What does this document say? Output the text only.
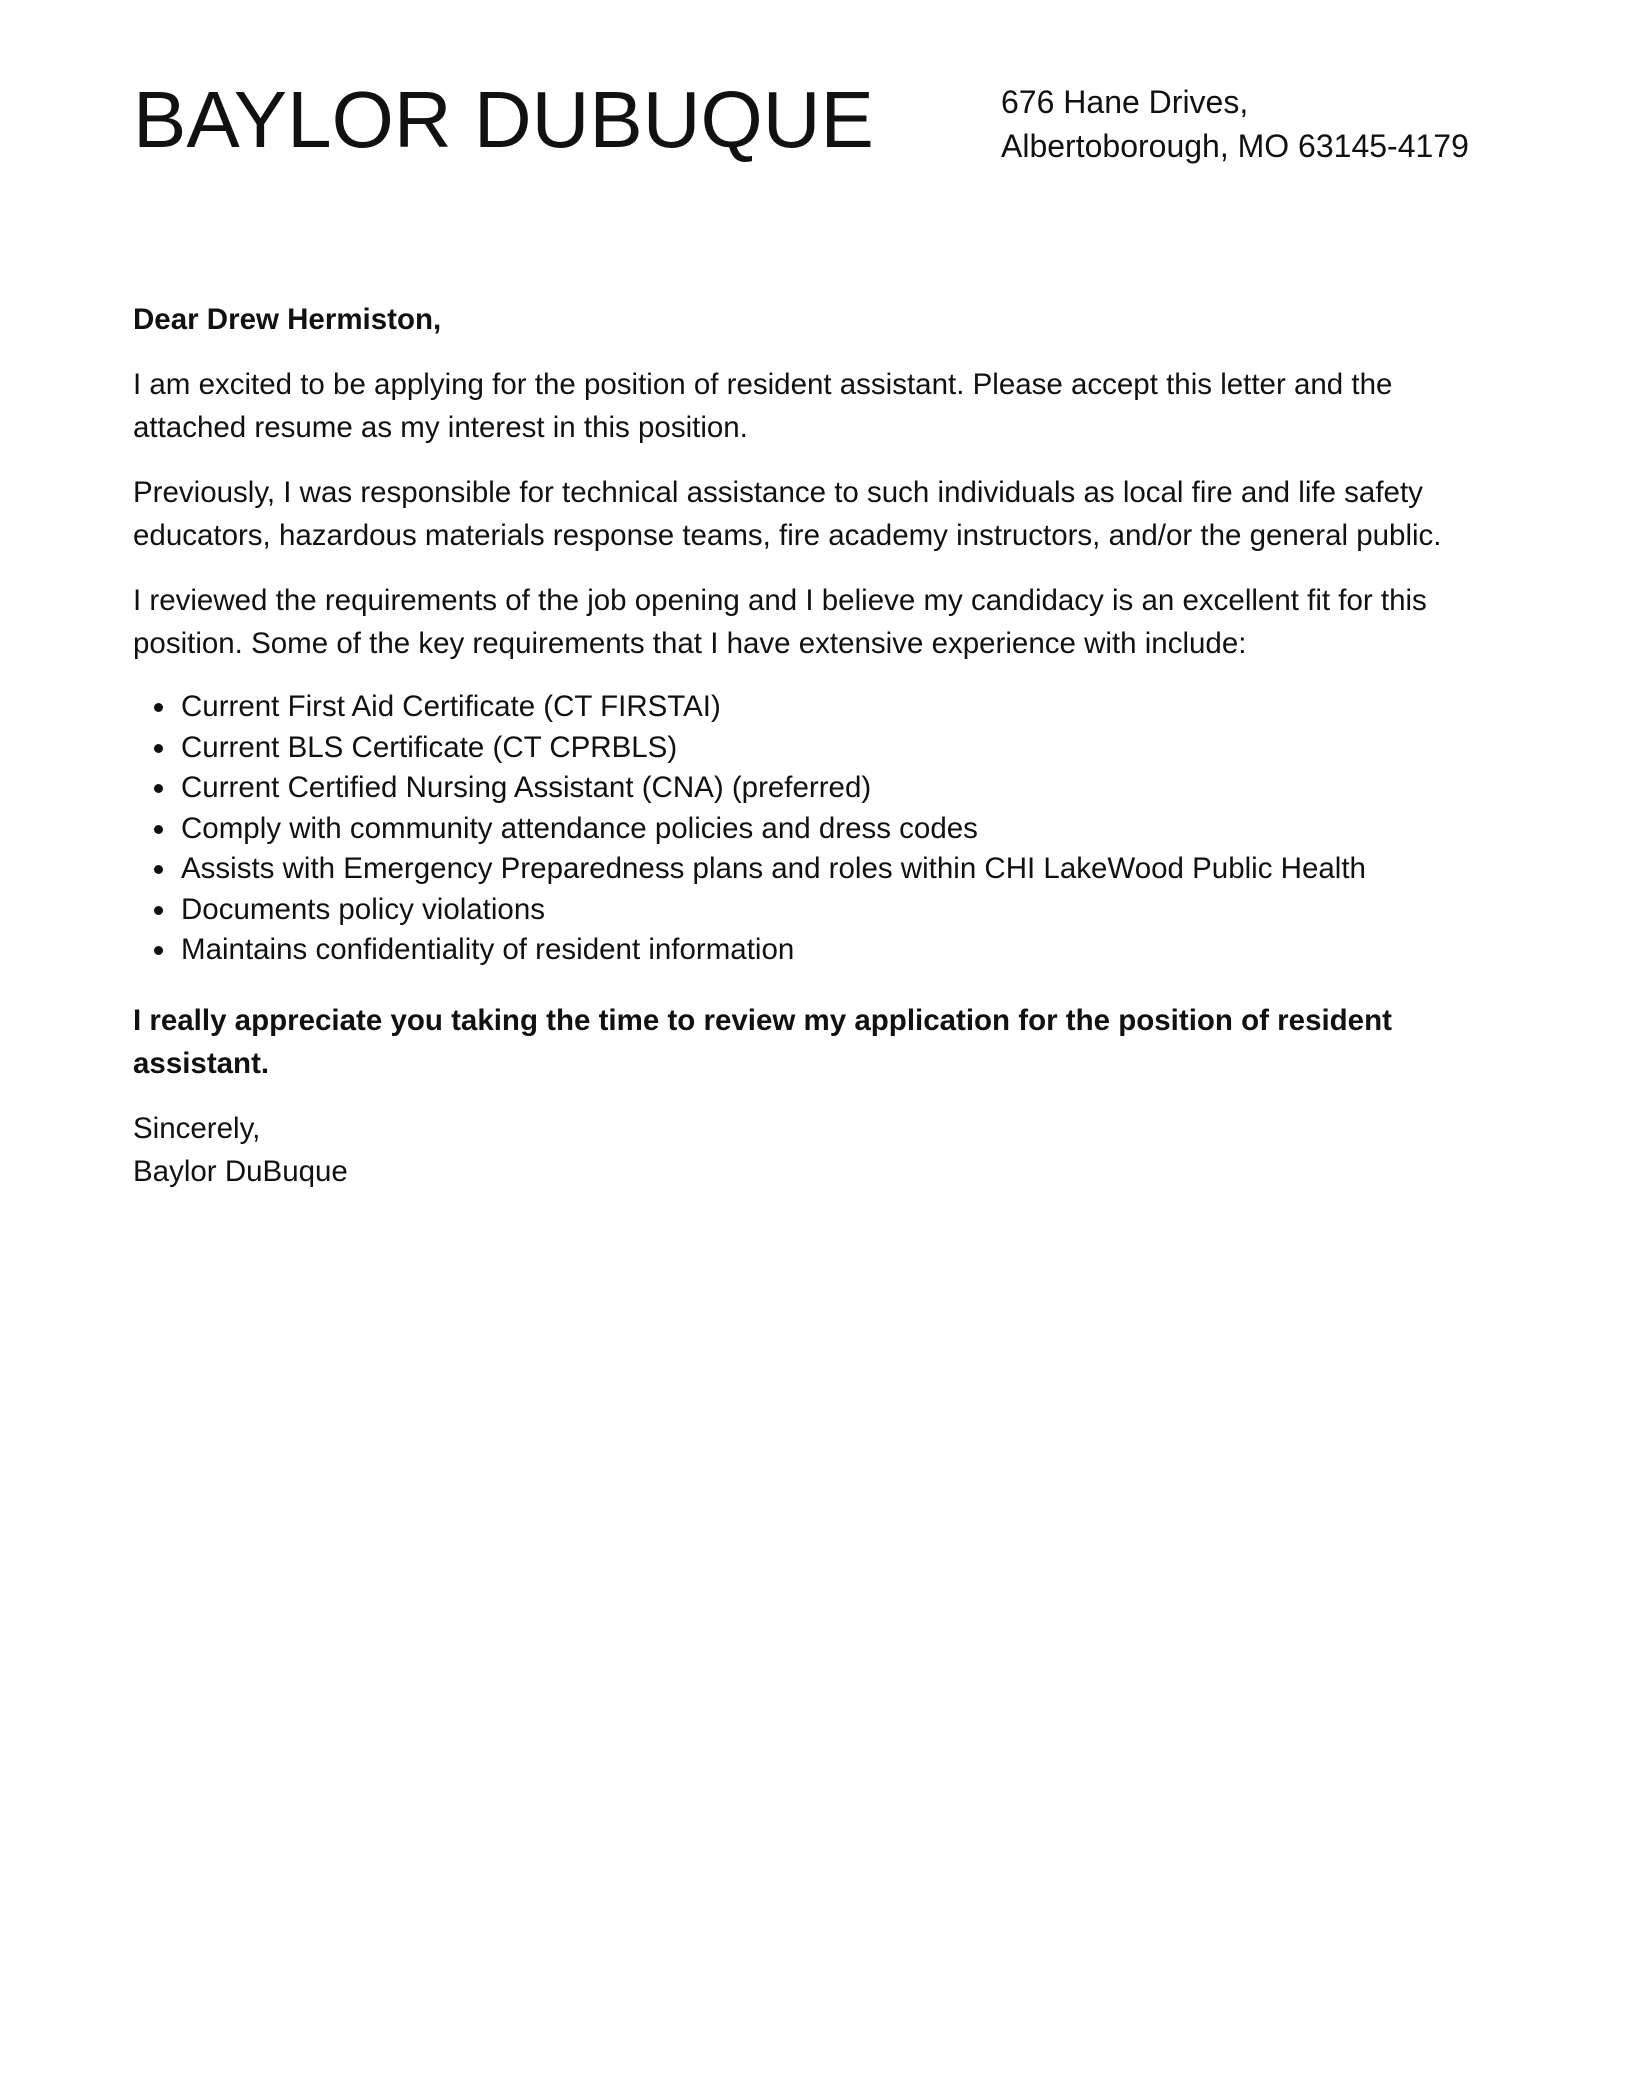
BAYLOR DUBUQUE	676 Hane Drives,
Albertoborough, MO 63145-4179
Dear Drew Hermiston,
I am excited to be applying for the position of resident assistant. Please accept this letter and the attached resume as my interest in this position.
Previously, I was responsible for technical assistance to such individuals as local fire and life safety educators, hazardous materials response teams, fire academy instructors, and/or the general public.
I reviewed the requirements of the job opening and I believe my candidacy is an excellent fit for this position. Some of the key requirements that I have extensive experience with include:
Current First Aid Certificate (CT FIRSTAI)
Current BLS Certificate (CT CPRBLS)
Current Certified Nursing Assistant (CNA) (preferred)
Comply with community attendance policies and dress codes
Assists with Emergency Preparedness plans and roles within CHI LakeWood Public Health
Documents policy violations
Maintains confidentiality of resident information
I really appreciate you taking the time to review my application for the position of resident assistant.
Sincerely,
Baylor DuBuque
